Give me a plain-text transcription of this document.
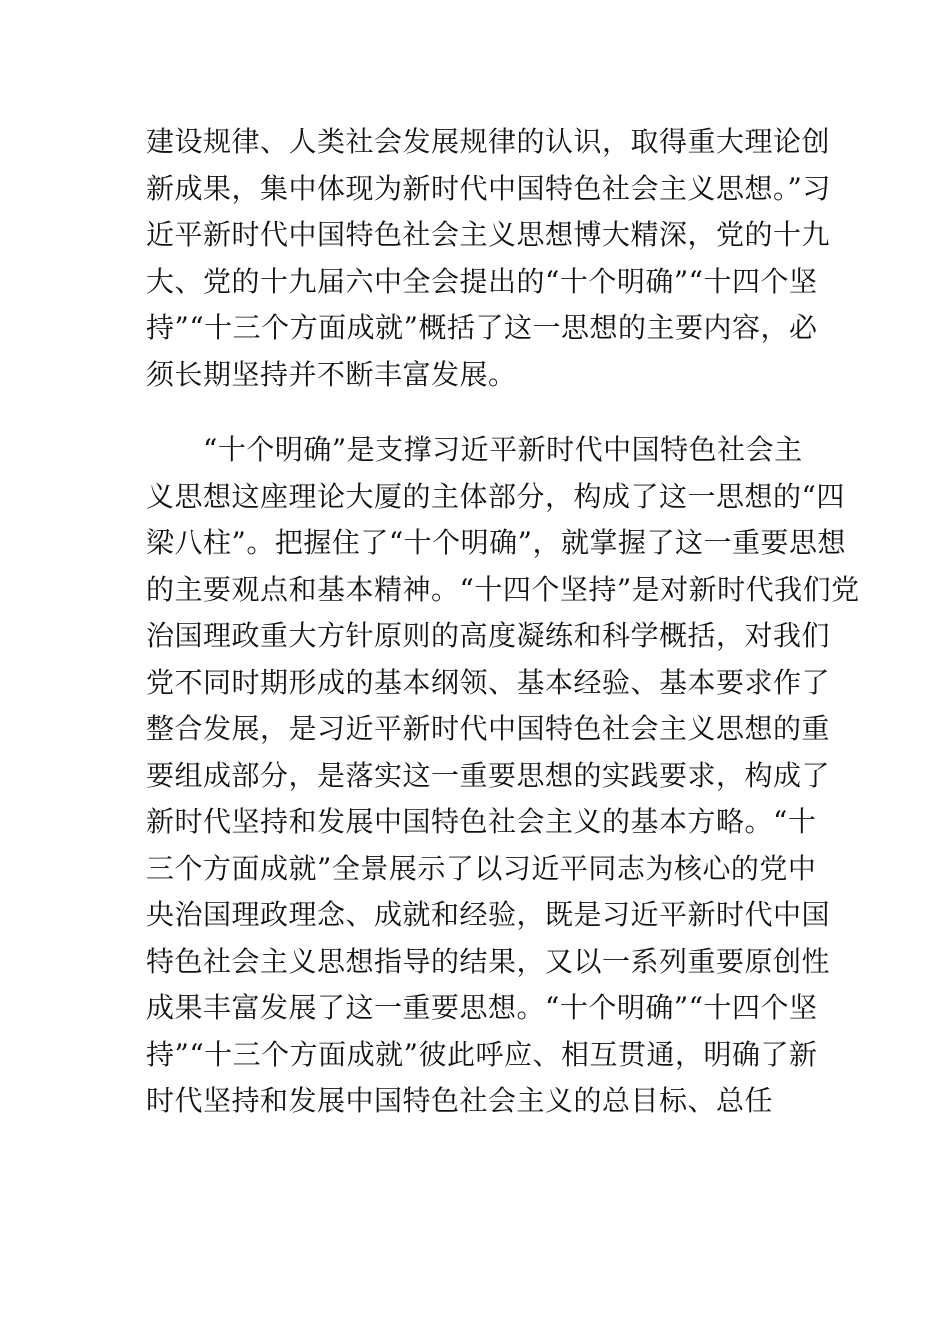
建设规律、人类社会发展规律的认识，取得重大理论创
新成果，集中体现为新时代中国特色社会主义思想。”习
近平新时代中国特色社会主义思想博大精深，党的十九
大、党的十九届六中全会提出的“十个明确”“十四个坚
持”“十三个方面成就”概括了这一思想的主要内容，必
须长期坚持并不断丰富发展。

“十个明确”是支撑习近平新时代中国特色社会主
义思想这座理论大厦的主体部分，构成了这一思想的“四
梁八柱”。把握住了“十个明确”，就掌握了这一重要思想
的主要观点和基本精神。“十四个坚持”是对新时代我们党
治国理政重大方针原则的高度凝练和科学概括，对我们
党不同时期形成的基本纲领、基本经验、基本要求作了
整合发展，是习近平新时代中国特色社会主义思想的重
要组成部分，是落实这一重要思想的实践要求，构成了
新时代坚持和发展中国特色社会主义的基本方略。“十
三个方面成就”全景展示了以习近平同志为核心的党中
央治国理政理念、成就和经验，既是习近平新时代中国
特色社会主义思想指导的结果，又以一系列重要原创性
成果丰富发展了这一重要思想。“十个明确”“十四个坚
持”“十三个方面成就”彼此呼应、相互贯通，明确了新
时代坚持和发展中国特色社会主义的总目标、总任
